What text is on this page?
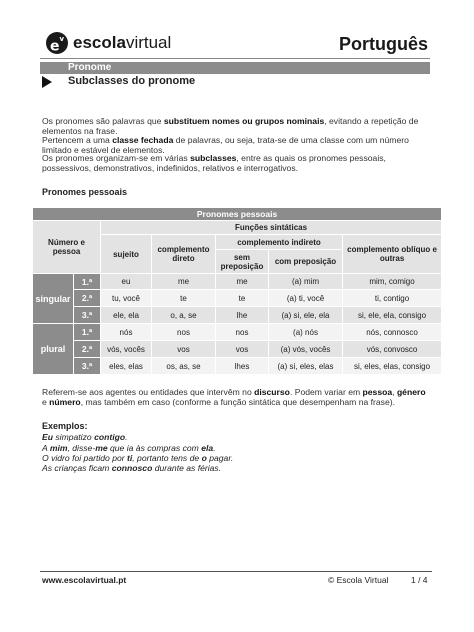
$e^v$ escolavirtual	Português
Pronome
Subclasses do pronome
Os pronomes são palavras que substituem nomes ou grupos nominais, evitando a repetição de elementos na frase.
Pertencem a uma classe fechada de palavras, ou seja, trata-se de uma classe com um número limitado e estável de elementos.
Os pronomes organizam-se em várias subclasses, entre as quais os pronomes pessoais, possessivos, demonstrativos, indefinidos, relativos e interrogativos.
Pronomes pessoais
Pronomes pessoais						
Número e pessoa		Funções sintáticas				
		sujeito	complemento direto	complemento indireto		complemento oblíquo e outras
				sem preposição	com preposição	
singular	1.ª	eu	me	me	(a) mim	mim, comigo
	2.ª	tu, você	te	te	(a) ti, você	ti, contigo
	3.ª	ele, ela	o, a, se	lhe	(a) si, ele, ela	si, ele, ela, consigo
plural	1.ª	nós	nos	nos	(a) nós	nós, connosco
	2.ª	vós, vocês	vos	vos	(a) vós, vocês	vós, convosco
	3.ª	eles, elas	os, as, se	lhes	(a) si, eles, elas	si, eles, elas, consigo
Referem-se aos agentes ou entidades que intervêm no discurso. Podem variar em pessoa, género e número, mas também em caso (conforme a função sintática que desempenham na frase).
Exemplos:
Eu simpatizo contigo.
A mim, disse-me que ia às compras com ela.
O vidro foi partido por ti, portanto tens de o pagar.
As crianças ficam connosco durante as férias.
www.escolavirtual.pt	© Escola Virtual	1 / 4
